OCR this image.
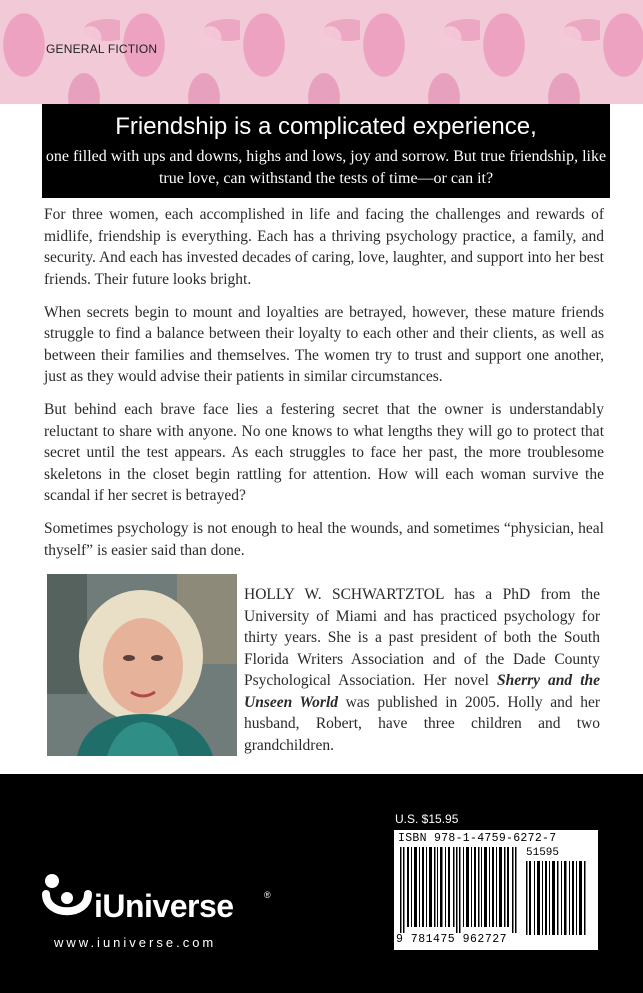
GENERAL FICTION

Friendship is a complicated experience,

one filled with ups and downs, highs and lows, joy and sorrow. But true friendship, like true love, can withstand the tests of time—or can it?

For three women, each accomplished in life and facing the challenges and rewards of midlife, friendship is everything. Each has a thriving psychology practice, a family, and security. And each has invested decades of caring, love, laughter, and support into her best friends. Their future looks bright.

When secrets begin to mount and loyalties are betrayed, however, these mature friends struggle to find a balance between their loyalty to each other and their clients, as well as between their families and themselves. The women try to trust and support one another, just as they would advise their patients in similar circumstances.

But behind each brave face lies a festering secret that the owner is understandably reluctant to share with anyone. No one knows to what lengths they will go to protect that secret until the test appears. As each struggles to face her past, the more troublesome skeletons in the closet begin rattling for attention. How will each woman survive the scandal if her secret is betrayed?

Sometimes psychology is not enough to heal the wounds, and sometimes “physician, heal thyself” is easier said than done.

HOLLY W. SCHWARTZTOL has a PhD from the University of Miami and has practiced psychology for thirty years. She is a past president of both the South Florida Writers Association and of the Dade County Psychological Association. Her novel Sherry and the Unseen World was published in 2005. Holly and her husband, Robert, have three children and two grandchildren.

U.S. $15.95

ISBN 978-1-4759-6272-7

51595

9 781475 962727

iUniverse	®

www.iuniverse.com
